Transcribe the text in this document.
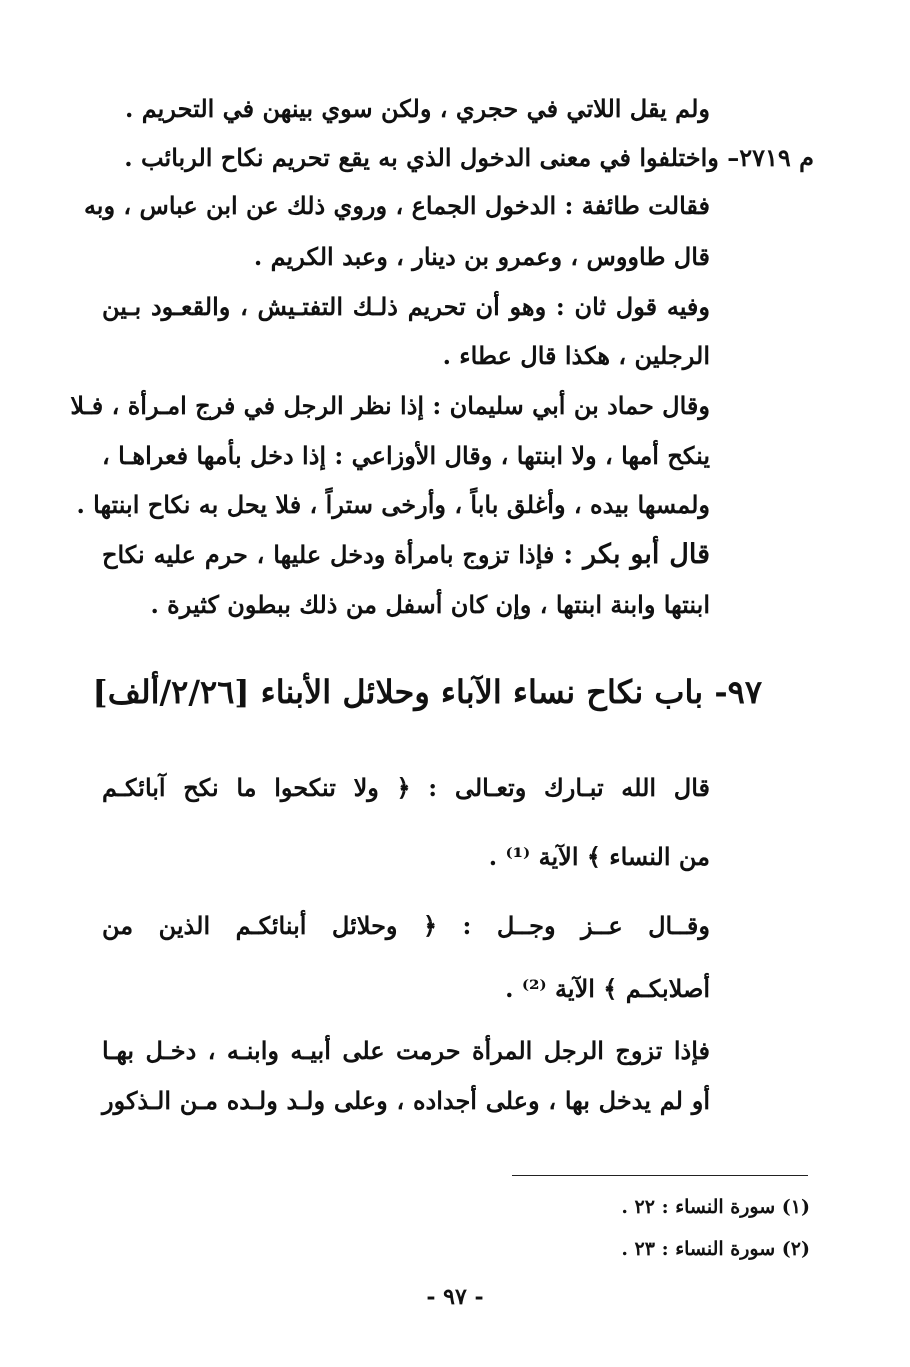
ولم يقل اللاتي في حجري ، ولكن سوي بينهن في التحريم .
م ٢٧١٩– واختلفوا في معنى الدخول الذي به يقع تحريم نكاح الربائب .
فقالت طائفة : الدخول الجماع ، وروي ذلك عن ابن عباس ، وبه
قال طاووس ، وعمرو بن دينار ، وعبد الكريم .
وفيه قول ثان : وهو أن تحريم ذلـك التفتـيش ، والقعـود بـين
الرجلين ، هكذا قال عطاء .
وقال حماد بن أبي سليمان : إذا نظر الرجل في فرج امـرأة ، فـلا
ينكح أمها ، ولا ابنتها ، وقال الأوزاعي : إذا دخل بأمها فعراهـا ،
ولمسها بيده ، وأغلق باباً ، وأرخى ستراً ، فلا يحل به نكاح ابنتها .
قال أبو بكر : فإذا تزوج بامرأة ودخل عليها ، حرم عليه نكاح
ابنتها وابنة ابنتها ، وإن كان أسفل من ذلك ببطون كثيرة .
٩٧- باب نكاح نساء الآباء وحلائل الأبناء [٢/٢٦/ألف]
قال الله تبـارك وتعـالى : ﴿ ولا تنكحوا ما نكح آبائكـم
من النساء ﴾ الآية ⁽¹⁾ .
وقــال عــز وجــل : ﴿ وحلائل أبنائكـم الذين من
أصلابكـم ﴾ الآية ⁽²⁾ .
فإذا تزوج الرجل المرأة حرمت على أبيـه وابنـه ، دخـل بهـا
أو لم يدخل بها ، وعلى أجداده ، وعلى ولـد ولـده مـن الـذكور
(١) سورة النساء : ٢٢ .
(٢) سورة النساء : ٢٣ .
- ٩٧ -
